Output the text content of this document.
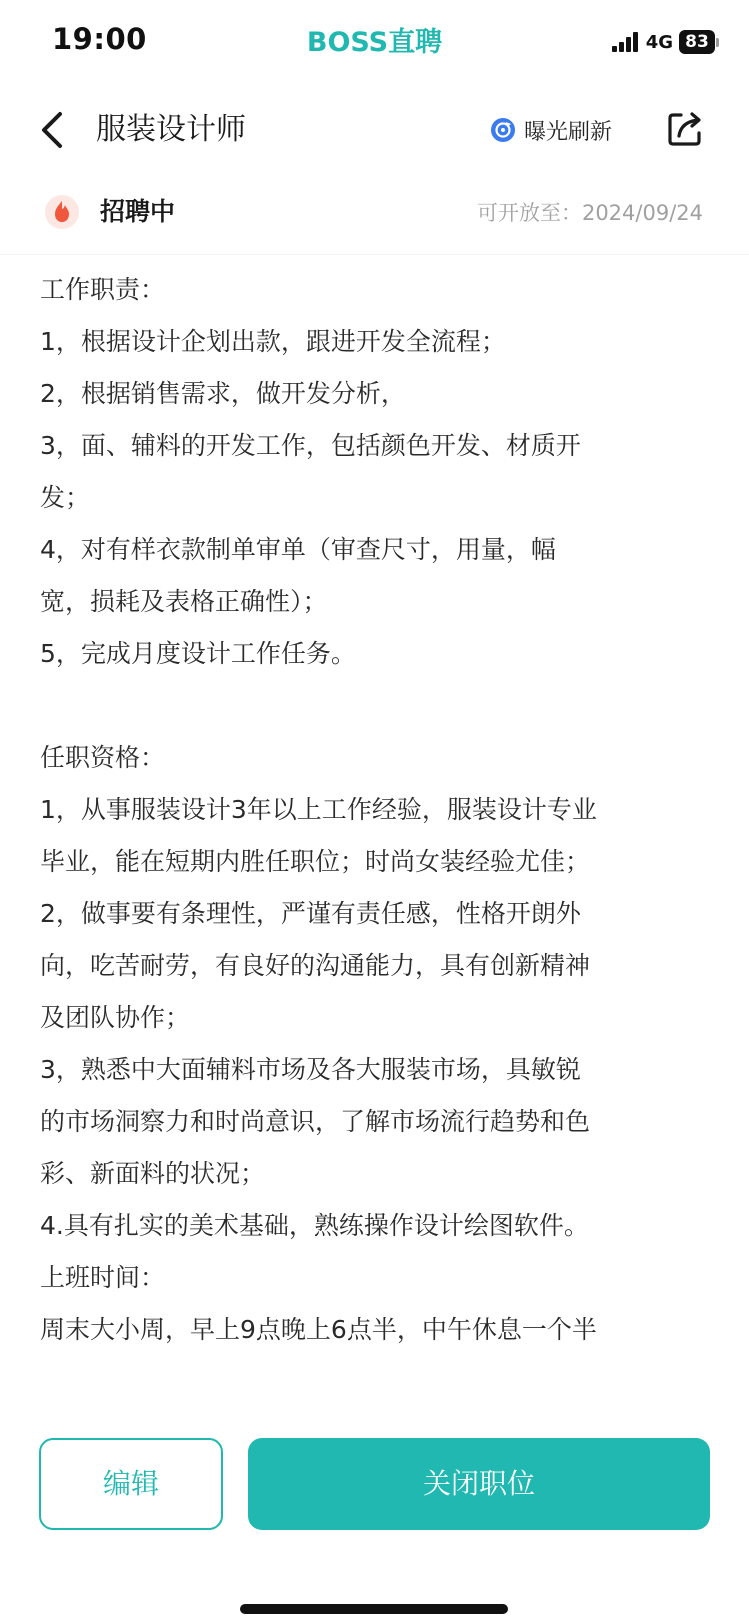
19:00	BOSS直聘	4G 83
服装设计师	曝光刷新
招聘中	可开放至：2024/09/24
工作职责：
1，根据设计企划出款，跟进开发全流程；
2，根据销售需求，做开发分析，
3，面、辅料的开发工作，包括颜色开发、材质开
发；
4，对有样衣款制单审单（审查尺寸，用量，幅
宽，损耗及表格正确性）；
5，完成月度设计工作任务。
任职资格：
1，从事服装设计3年以上工作经验，服装设计专业
毕业，能在短期内胜任职位；时尚女装经验尤佳；
2，做事要有条理性，严谨有责任感，性格开朗外
向，吃苦耐劳，有良好的沟通能力，具有创新精神
及团队协作；
3，熟悉中大面辅料市场及各大服装市场，具敏锐
的市场洞察力和时尚意识，了解市场流行趋势和色
彩、新面料的状况；
4.具有扎实的美术基础，熟练操作设计绘图软件。
上班时间：
周末大小周，早上9点晚上6点半，中午休息一个半
编辑	关闭职位
